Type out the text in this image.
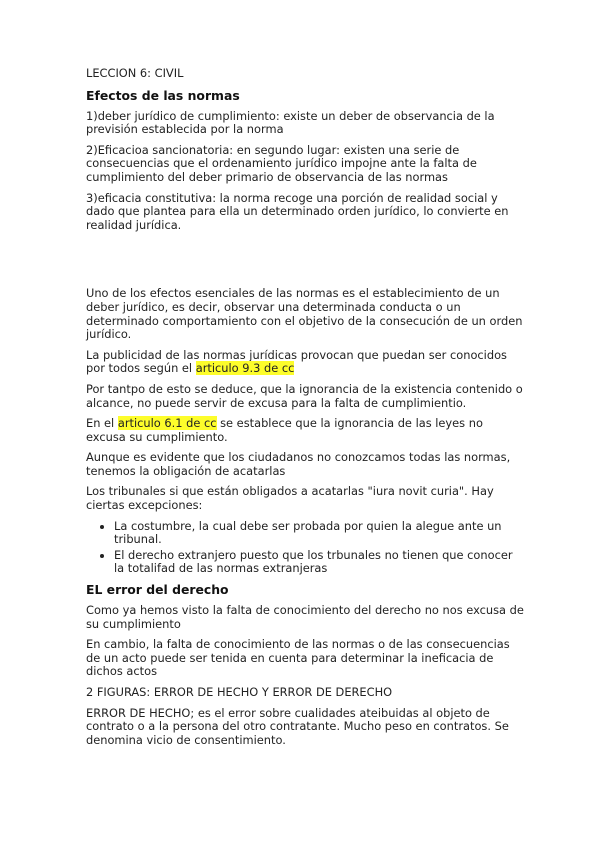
LECCION 6: CIVIL

Efectos de las normas

1)deber jurídico de cumplimiento: existe un deber de observancia de la previsión establecida por la norma

2)Eficacioa sancionatoria: en segundo lugar: existen una serie de consecuencias que el ordenamiento jurídico impojne ante la falta de cumplimiento del deber primario de observancia de las normas

3)eficacia constitutiva: la norma recoge una porción de realidad social y dado que plantea para ella un determinado orden jurídico, lo convierte en realidad jurídica.

Uno de los efectos esenciales de las normas es el establecimiento de un deber jurídico, es decir, observar una determinada conducta o un determinado comportamiento con el objetivo de la consecución de un orden jurídico.

La publicidad de las normas jurídicas provocan que puedan ser conocidos por todos según el articulo 9.3 de cc

Por tantpo de esto se deduce, que la ignorancia de la existencia contenido o alcance, no puede servir de excusa para la falta de cumplimientio.

En el articulo 6.1 de cc se establece que la ignorancia de las leyes no excusa su cumplimiento.

Aunque es evidente que los ciudadanos no conozcamos todas las normas, tenemos la obligación de acatarlas

Los tribunales si que están obligados a acatarlas "iura novit curia". Hay ciertas excepciones:

• La costumbre, la cual debe ser probada por quien la alegue ante un tribunal.
• El derecho extranjero puesto que los trbunales no tienen que conocer la totalifad de las normas extranjeras

EL error del derecho

Como ya hemos visto la falta de conocimiento del derecho no nos excusa de su cumplimiento

En cambio, la falta de conocimiento de las normas o de las consecuencias de un acto puede ser tenida en cuenta para determinar la ineficacia de dichos actos

2 FIGURAS: ERROR DE HECHO Y ERROR DE DERECHO

ERROR DE HECHO; es el error sobre cualidades ateibuidas al objeto de contrato o a la persona del otro contratante. Mucho peso en contratos. Se denomina vicio de consentimiento.
